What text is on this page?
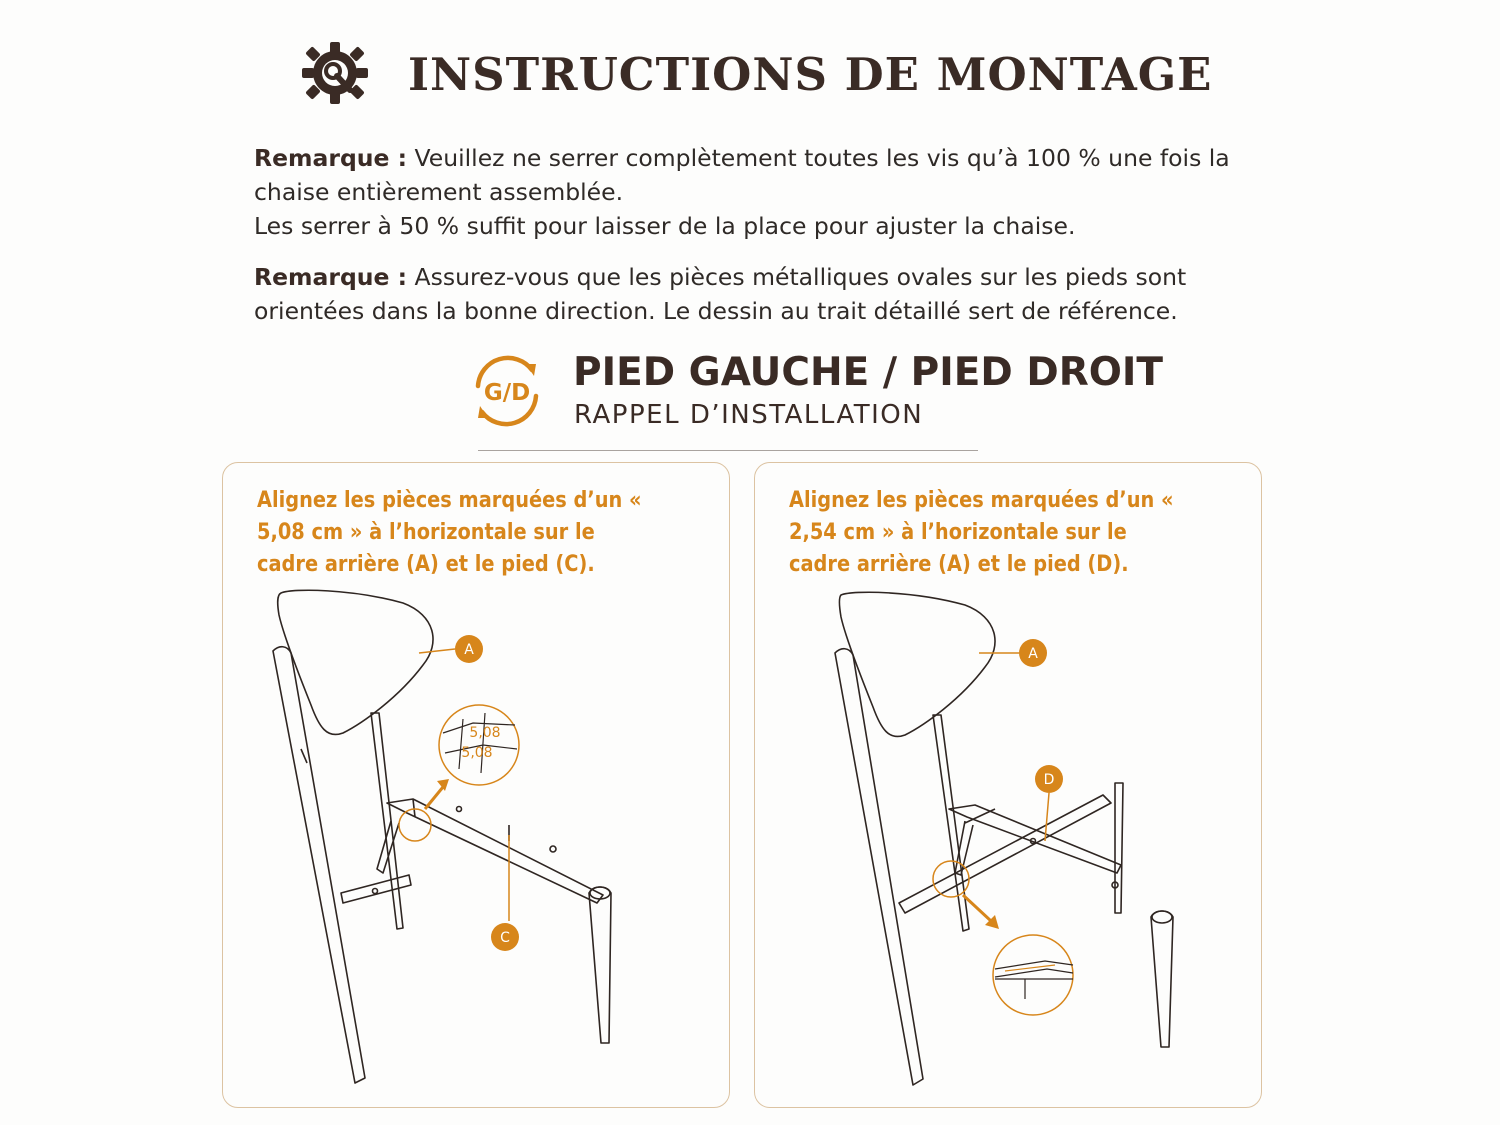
INSTRUCTIONS DE MONTAGE

Remarque : Veuillez ne serrer complètement toutes les vis qu’à 100 % une fois la chaise entièrement assemblée.
Les serrer à 50 % suffit pour laisser de la place pour ajuster la chaise.

Remarque : Assurez-vous que les pièces métalliques ovales sur les pieds sont orientées dans la bonne direction. Le dessin au trait détaillé sert de référence.

G/D PIED GAUCHE / PIED DROIT

RAPPEL D’INSTALLATION

Alignez les pièces marquées d’un « 5,08 cm » à l’horizontale sur le cadre arrière (A) et le pied (C).

A
C
5,08
5,08

Alignez les pièces marquées d’un « 2,54 cm » à l’horizontale sur le cadre arrière (A) et le pied (D).

A
D
